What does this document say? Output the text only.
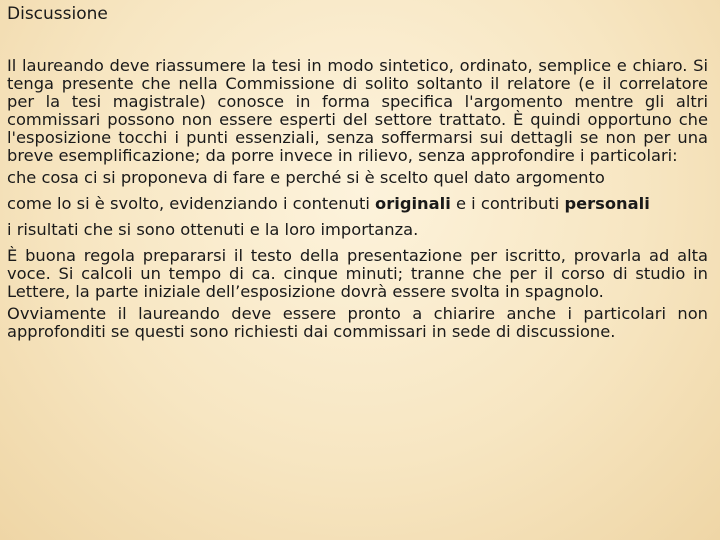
Discussione

Il laureando deve riassumere la tesi in modo sintetico, ordinato, semplice e chiaro. Si tenga presente che nella Commissione di solito soltanto il relatore (e il correlatore per la tesi magistrale) conosce in forma specifica l'argomento mentre gli altri commissari possono non essere esperti del settore trattato. È quindi opportuno che l'esposizione tocchi i punti essenziali, senza soffermarsi sui dettagli se non per una breve esemplificazione; da porre invece in rilievo, senza approfondire i particolari:

che cosa ci si proponeva di fare e perché si è scelto quel dato argomento

come lo si è svolto, evidenziando i contenuti originali e i contributi personali

i risultati che si sono ottenuti e la loro importanza.

È buona regola prepararsi il testo della presentazione per iscritto, provarla ad alta voce. Si calcoli un tempo di ca. cinque minuti; tranne che per il corso di studio in Lettere, la parte iniziale dell’esposizione dovrà essere svolta in spagnolo.

Ovviamente il laureando deve essere pronto a chiarire anche i particolari non approfonditi se questi sono richiesti dai commissari in sede di discussione.
